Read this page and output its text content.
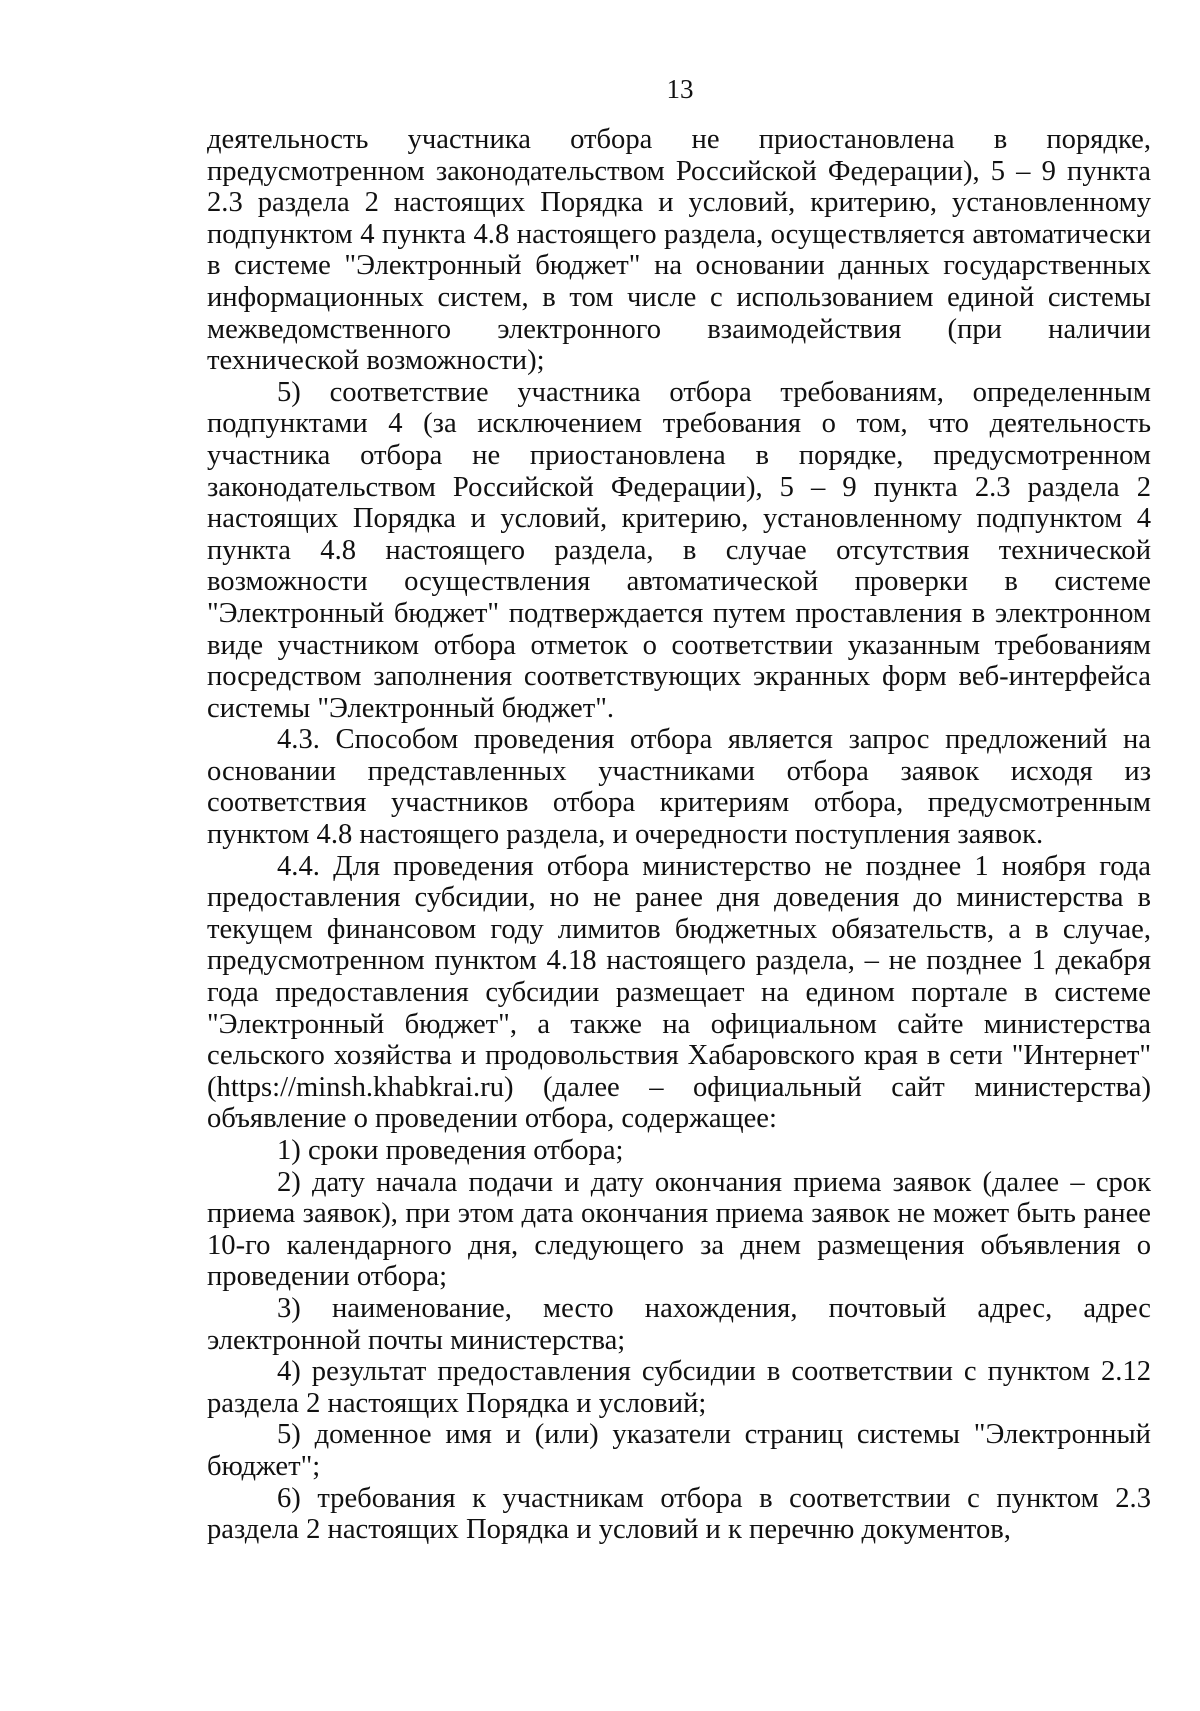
13

деятельность участника отбора не приостановлена в порядке, предусмотренном законодательством Российской Федерации), 5 – 9 пункта 2.3 раздела 2 настоящих Порядка и условий, критерию, установленному подпунктом 4 пункта 4.8 настоящего раздела, осуществляется автоматически в системе "Электронный бюджет" на основании данных государственных информационных систем, в том числе с использованием единой системы межведомственного электронного взаимодействия (при наличии технической возможности);

5) соответствие участника отбора требованиям, определенным подпунктами 4 (за исключением требования о том, что деятельность участника отбора не приостановлена в порядке, предусмотренном законодательством Российской Федерации), 5 – 9 пункта 2.3 раздела 2 настоящих Порядка и условий, критерию, установленному подпунктом 4 пункта 4.8 настоящего раздела, в случае отсутствия технической возможности осуществления автоматической проверки в системе "Электронный бюджет" подтверждается путем проставления в электронном виде участником отбора отметок о соответствии указанным требованиям посредством заполнения соответствующих экранных форм веб-интерфейса системы "Электронный бюджет".

4.3. Способом проведения отбора является запрос предложений на основании представленных участниками отбора заявок исходя из соответствия участников отбора критериям отбора, предусмотренным пунктом 4.8 настоящего раздела, и очередности поступления заявок.

4.4. Для проведения отбора министерство не позднее 1 ноября года предоставления субсидии, но не ранее дня доведения до министерства в текущем финансовом году лимитов бюджетных обязательств, а в случае, предусмотренном пунктом 4.18 настоящего раздела, – не позднее 1 декабря года предоставления субсидии размещает на едином портале в системе "Электронный бюджет", а также на официальном сайте министерства сельского хозяйства и продовольствия Хабаровского края в сети "Интернет" (https://minsh.khabkrai.ru) (далее – официальный сайт министерства) объявление о проведении отбора, содержащее:

1) сроки проведения отбора;

2) дату начала подачи и дату окончания приема заявок (далее – срок приема заявок), при этом дата окончания приема заявок не может быть ранее 10-го календарного дня, следующего за днем размещения объявления о проведении отбора;

3) наименование, место нахождения, почтовый адрес, адрес электронной почты министерства;

4) результат предоставления субсидии в соответствии с пунктом 2.12 раздела 2 настоящих Порядка и условий;

5) доменное имя и (или) указатели страниц системы "Электронный бюджет";

6) требования к участникам отбора в соответствии с пунктом 2.3 раздела 2 настоящих Порядка и условий и к перечню документов,
